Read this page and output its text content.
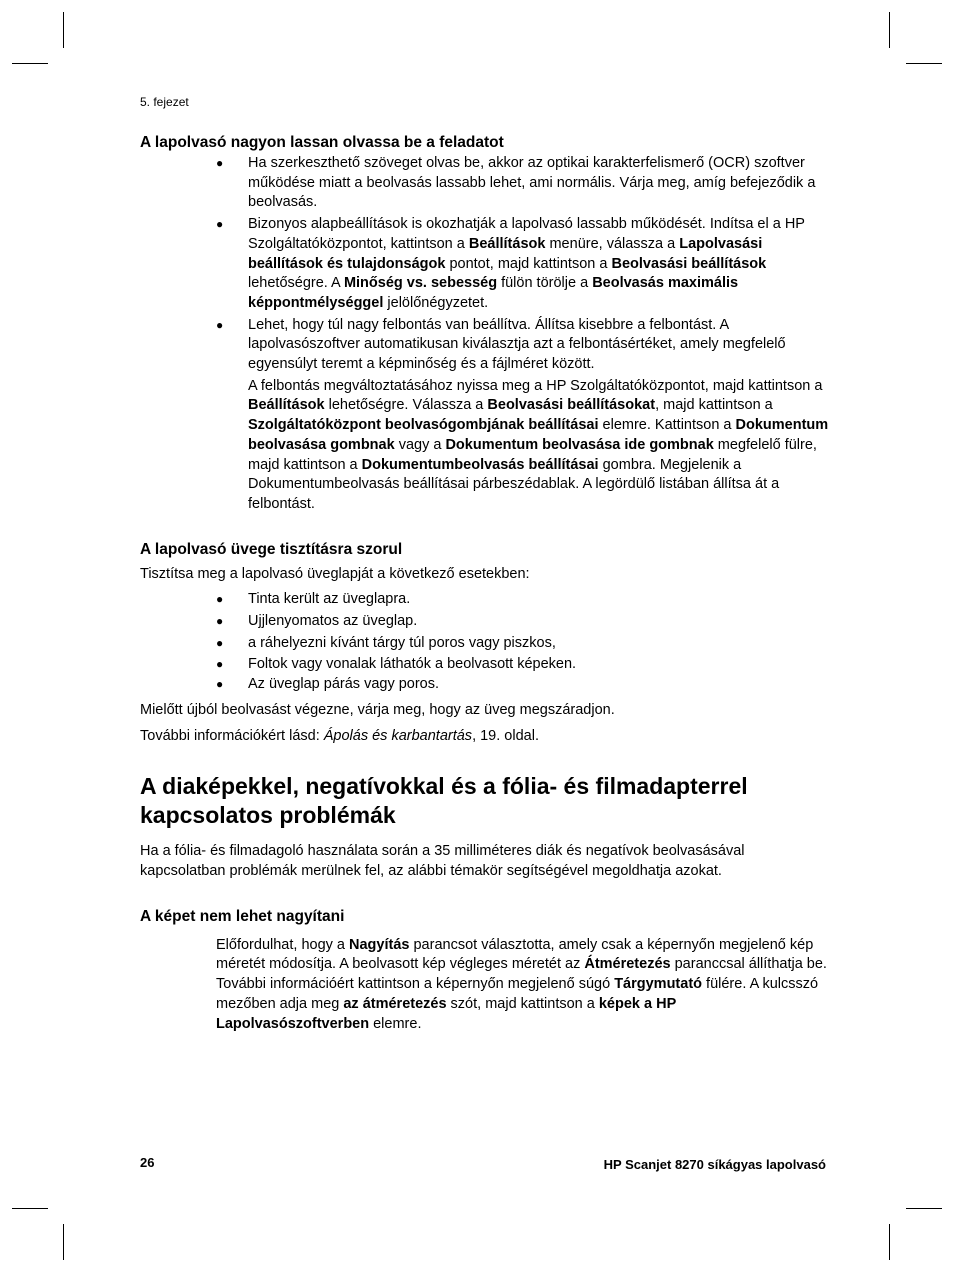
5. fejezet
A lapolvasó nagyon lassan olvassa be a feladatot
● Ha szerkeszthető szöveget olvas be, akkor az optikai karakterfelismerő (OCR) szoftver működése miatt a beolvasás lassabb lehet, ami normális. Várja meg, amíg befejeződik a beolvasás.
● Bizonyos alapbeállítások is okozhatják a lapolvasó lassabb működését. Indítsa el a HP Szolgáltatóközpontot, kattintson a Beállítások menüre, válassza a Lapolvasási beállítások és tulajdonságok pontot, majd kattintson a Beolvasási beállítások lehetőségre. A Minőség vs. sebesség fülön törölje a Beolvasás maximális képpontmélységgel jelölőnégyzetet.
● Lehet, hogy túl nagy felbontás van beállítva. Állítsa kisebbre a felbontást. A lapolvasószoftver automatikusan kiválasztja azt a felbontásértéket, amely megfelelő egyensúlyt teremt a képminőség és a fájlméret között.
A felbontás megváltoztatásához nyissa meg a HP Szolgáltatóközpontot, majd kattintson a Beállítások lehetőségre. Válassza a Beolvasási beállításokat, majd kattintson a Szolgáltatóközpont beolvasógombjának beállításai elemre. Kattintson a Dokumentum beolvasása gombnak vagy a Dokumentum beolvasása ide gombnak megfelelő fülre, majd kattintson a Dokumentumbeolvasás beállításai gombra. Megjelenik a Dokumentumbeolvasás beállításai párbeszédablak. A legördülő listában állítsa át a felbontást.
A lapolvasó üvege tisztításra szorul
Tisztítsa meg a lapolvasó üveglapját a következő esetekben:
● Tinta került az üveglapra.
● Ujjlenyomatos az üveglap.
● a ráhelyezni kívánt tárgy túl poros vagy piszkos,
● Foltok vagy vonalak láthatók a beolvasott képeken.
● Az üveglap párás vagy poros.
Mielőtt újból beolvasást végezne, várja meg, hogy az üveg megszáradjon.
További információkért lásd: Ápolás és karbantartás, 19. oldal.
A diaképekkel, negatívokkal és a fólia- és filmadapterrel kapcsolatos problémák
Ha a fólia- és filmadagoló használata során a 35 milliméteres diák és negatívok beolvasásával kapcsolatban problémák merülnek fel, az alábbi témakör segítségével megoldhatja azokat.
A képet nem lehet nagyítani
Előfordulhat, hogy a Nagyítás parancsot választotta, amely csak a képernyőn megjelenő kép méretét módosítja. A beolvasott kép végleges méretét az Átméretezés paranccsal állíthatja be. További információért kattintson a képernyőn megjelenő súgó Tárgymutató fülére. A kulcsszó mezőben adja meg az átméretezés szót, majd kattintson a képek a HP Lapolvasószoftverben elemre.
26	HP Scanjet 8270 síkágyas lapolvasó
